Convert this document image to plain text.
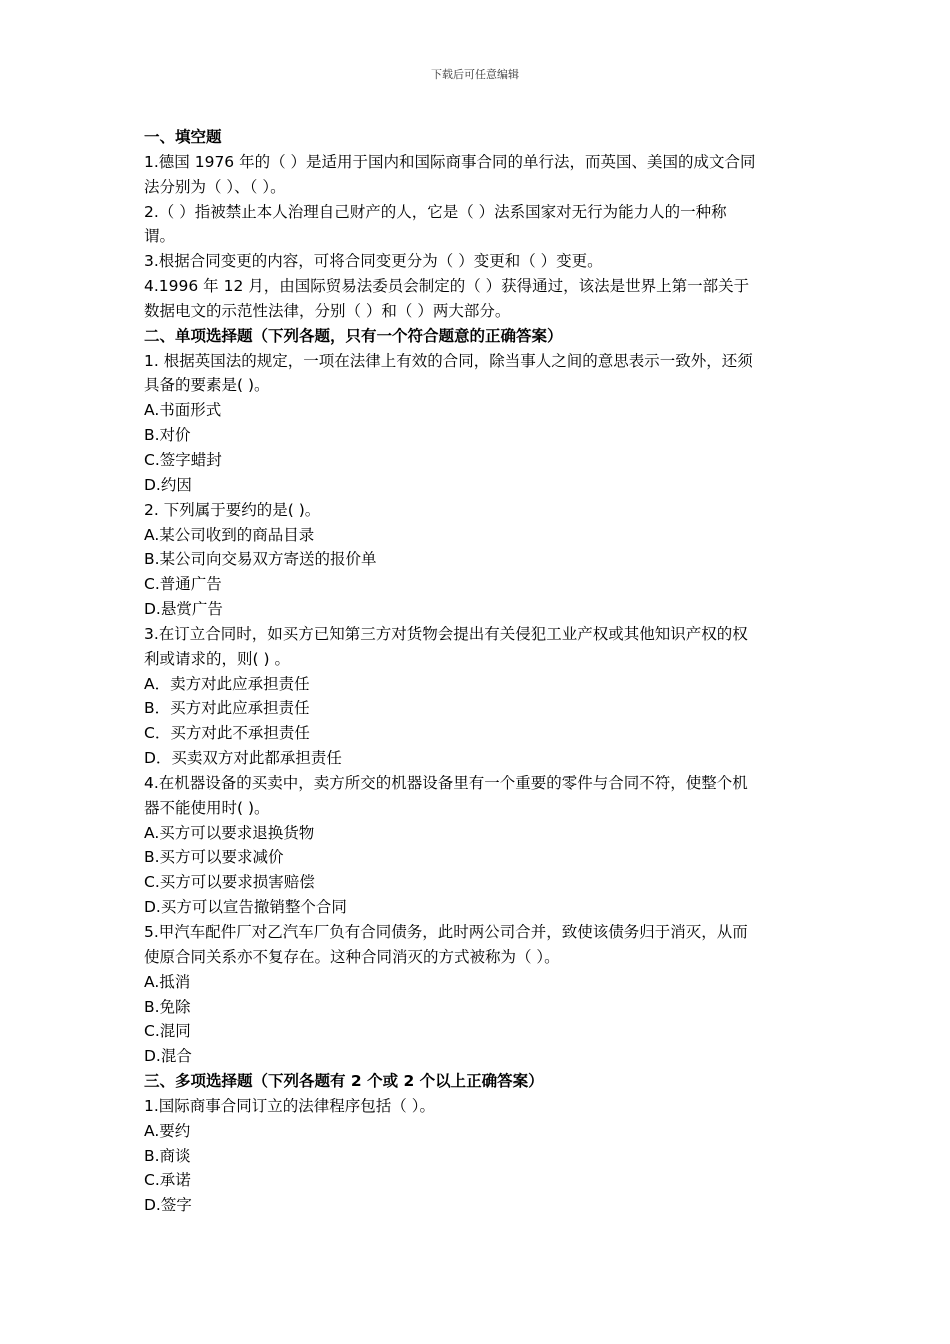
下载后可任意编辑
一、填空题
1.德国 1976 年的（ ）是适用于国内和国际商事合同的单行法，而英国、美国的成文合同
法分别为（ ）、（ ）。
2.（ ）指被禁止本人治理自己财产的人，它是（ ）法系国家对无行为能力人的一种称
谓。
3.根据合同变更的内容，可将合同变更分为（ ）变更和（ ）变更。
4.1996 年 12 月，由国际贸易法委员会制定的（ ）获得通过，该法是世界上第一部关于
数据电文的示范性法律，分别（ ）和（ ）两大部分。
二、单项选择题（下列各题，只有一个符合题意的正确答案）
1. 根据英国法的规定，一项在法律上有效的合同，除当事人之间的意思表示一致外，还须
具备的要素是( )。
A.书面形式
B.对价
C.签字蜡封
D.约因
2. 下列属于要约的是( )。
A.某公司收到的商品目录
B.某公司向交易双方寄送的报价单
C.普通广告
D.悬赏广告
3.在订立合同时，如买方已知第三方对货物会提出有关侵犯工业产权或其他知识产权的权
利或请求的，则( ) 。
A．卖方对此应承担责任
B．买方对此应承担责任
C．买方对此不承担责任
D．买卖双方对此都承担责任
4.在机器设备的买卖中，卖方所交的机器设备里有一个重要的零件与合同不符，使整个机
器不能使用时( )。
A.买方可以要求退换货物
B.买方可以要求减价
C.买方可以要求损害赔偿
D.买方可以宣告撤销整个合同
5.甲汽车配件厂对乙汽车厂负有合同债务，此时两公司合并，致使该债务归于消灭，从而
使原合同关系亦不复存在。这种合同消灭的方式被称为（ ）。
A.抵消
B.免除
C.混同
D.混合
三、多项选择题（下列各题有 2 个或 2 个以上正确答案）
1.国际商事合同订立的法律程序包括（ ）。
A.要约
B.商谈
C.承诺
D.签字
